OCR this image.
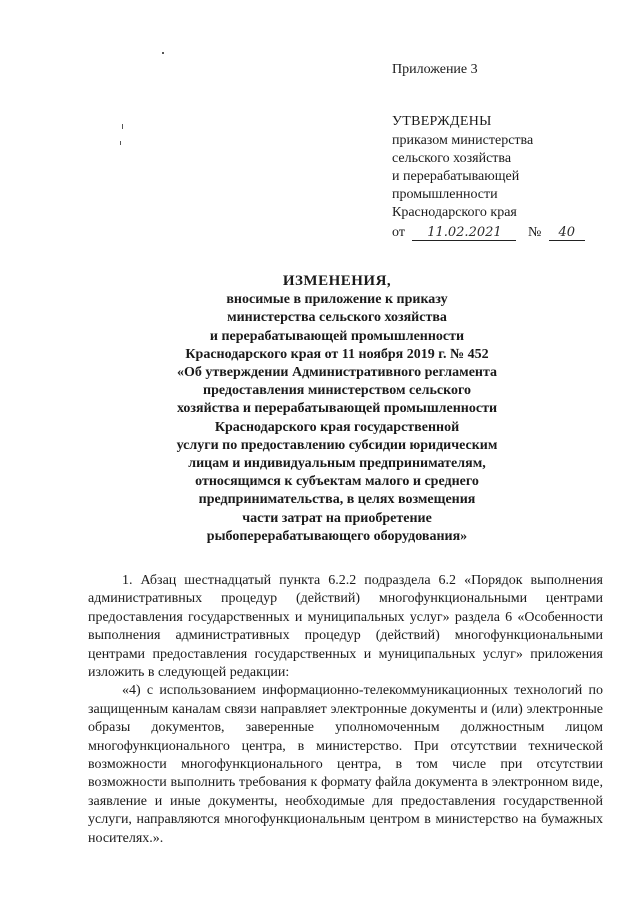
Приложение 3
УТВЕРЖДЕНЫ
приказом министерства
сельского хозяйства
и перерабатывающей
промышленности
Краснодарского края
от 11.02.2021 № 40
ИЗМЕНЕНИЯ,
вносимые в приложение к приказу
министерства сельского хозяйства
и перерабатывающей промышленности
Краснодарского края от 11 ноября 2019 г. № 452
«Об утверждении Административного регламента
предоставления министерством сельского
хозяйства и перерабатывающей промышленности
Краснодарского края государственной
услуги по предоставлению субсидии юридическим
лицам и индивидуальным предпринимателям,
относящимся к субъектам малого и среднего
предпринимательства, в целях возмещения
части затрат на приобретение
рыбоперерабатывающего оборудования»

1. Абзац шестнадцатый пункта 6.2.2 подраздела 6.2 «Порядок выполнения административных процедур (действий) многофункциональными центрами предоставления государственных и муниципальных услуг» раздела 6 «Особенности выполнения административных процедур (действий) многофункциональными центрами предоставления государственных и муниципальных услуг» приложения изложить в следующей редакции:

«4) с использованием информационно-телекоммуникационных технологий по защищенным каналам связи направляет электронные документы и (или) электронные образы документов, заверенные уполномоченным должностным лицом многофункционального центра, в министерство. При отсутствии технической возможности многофункционального центра, в том числе при отсутствии возможности выполнить требования к формату файла документа в электронном виде, заявление и иные документы, необходимые для предоставления государственной услуги, направляются многофункциональным центром в министерство на бумажных носителях.».
